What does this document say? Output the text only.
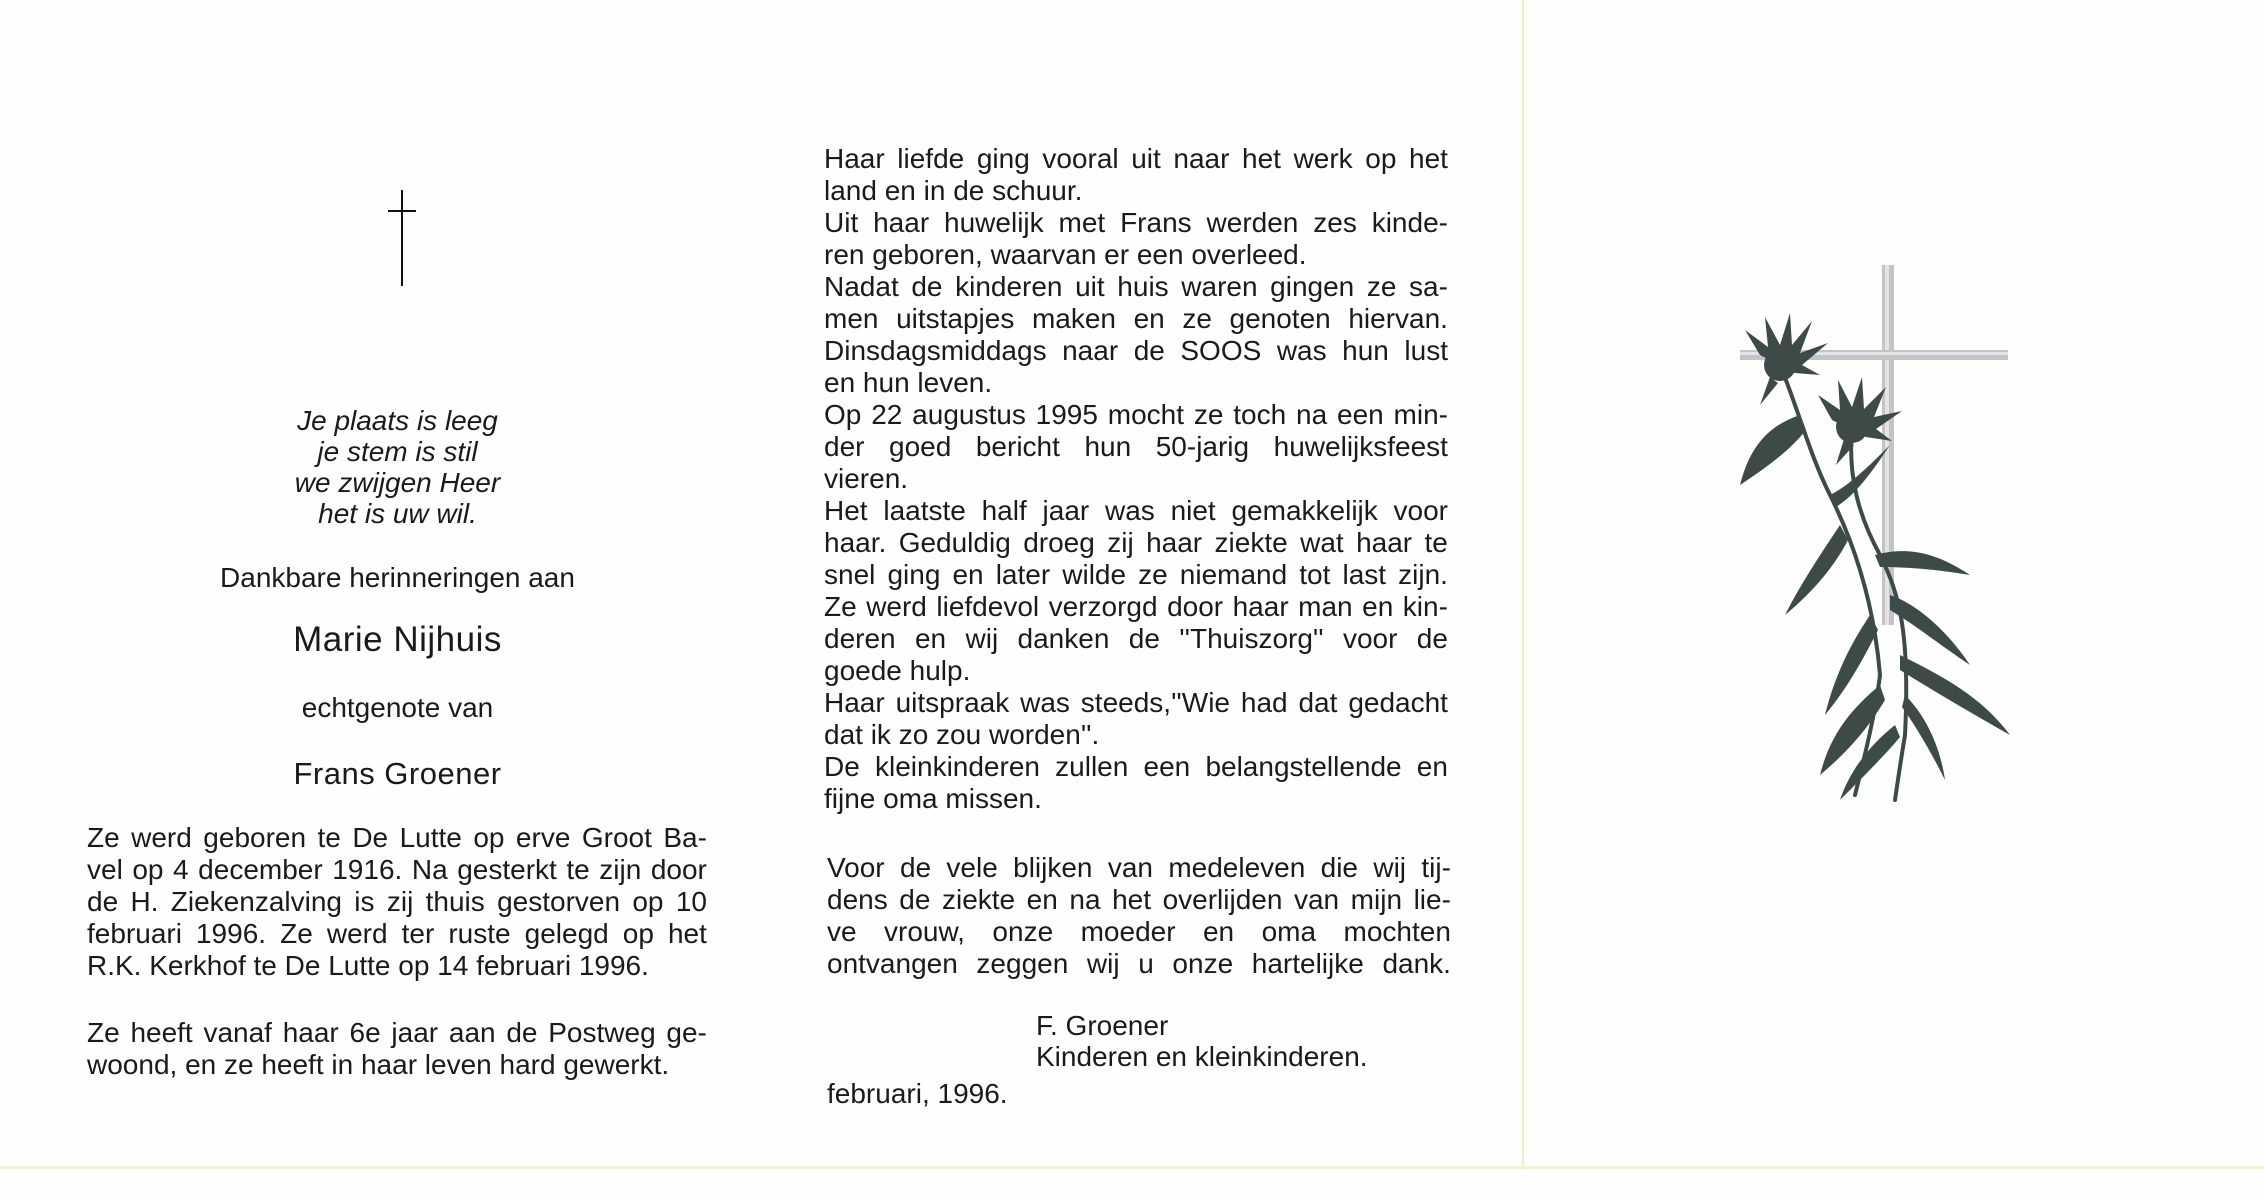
Je plaats is leeg
je stem is stil
we zwijgen Heer
het is uw wil.
Dankbare herinneringen aan
Marie Nijhuis
echtgenote van
Frans Groener
Ze werd geboren te De Lutte op erve Groot Ba-
vel op 4 december 1916. Na gesterkt te zijn door
de H. Ziekenzalving is zij thuis gestorven op 10
februari 1996. Ze werd ter ruste gelegd op het
R.K. Kerkhof te De Lutte op 14 februari 1996.
Ze heeft vanaf haar 6e jaar aan de Postweg ge-
woond, en ze heeft in haar leven hard gewerkt.
Haar liefde ging vooral uit naar het werk op het
land en in de schuur.
Uit haar huwelijk met Frans werden zes kinde-
ren geboren, waarvan er een overleed.
Nadat de kinderen uit huis waren gingen ze sa-
men uitstapjes maken en ze genoten hiervan.
Dinsdagsmiddags naar de SOOS was hun lust
en hun leven.
Op 22 augustus 1995 mocht ze toch na een min-
der goed bericht hun 50-jarig huwelijksfeest
vieren.
Het laatste half jaar was niet gemakkelijk voor
haar. Geduldig droeg zij haar ziekte wat haar te
snel ging en later wilde ze niemand tot last zijn.
Ze werd liefdevol verzorgd door haar man en kin-
deren en wij danken de ''Thuiszorg'' voor de
goede hulp.
Haar uitspraak was steeds,''Wie had dat gedacht
dat ik zo zou worden''.
De kleinkinderen zullen een belangstellende en
fijne oma missen.
Voor de vele blijken van medeleven die wij tij-
dens de ziekte en na het overlijden van mijn lie-
ve vrouw, onze moeder en oma mochten
ontvangen zeggen wij u onze hartelijke dank.
F. Groener
Kinderen en kleinkinderen.
februari, 1996.
